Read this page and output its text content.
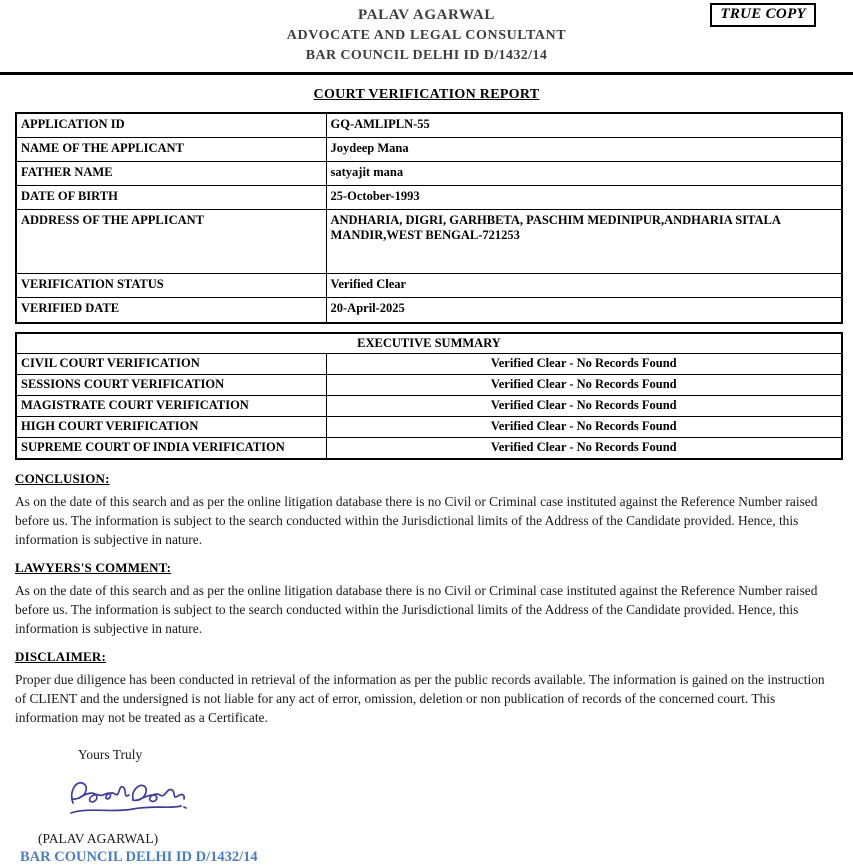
PALAV AGARWAL
ADVOCATE AND LEGAL CONSULTANT
BAR COUNCIL DELHI ID D/1432/14
TRUE COPY
COURT VERIFICATION REPORT
APPLICATION ID	GQ-AMLIPLN-55
NAME OF THE APPLICANT	Joydeep Mana
FATHER NAME	satyajit mana
DATE OF BIRTH	25-October-1993
ADDRESS OF THE APPLICANT	ANDHARIA, DIGRI, GARHBETA, PASCHIM MEDINIPUR,ANDHARIA SITALA MANDIR,WEST BENGAL-721253
VERIFICATION STATUS	Verified Clear
VERIFIED DATE	20-April-2025
EXECUTIVE SUMMARY	
CIVIL COURT VERIFICATION	Verified Clear - No Records Found
SESSIONS COURT VERIFICATION	Verified Clear - No Records Found
MAGISTRATE COURT VERIFICATION	Verified Clear - No Records Found
HIGH COURT VERIFICATION	Verified Clear - No Records Found
SUPREME COURT OF INDIA VERIFICATION	Verified Clear - No Records Found
CONCLUSION:
As on the date of this search and as per the online litigation database there is no Civil or Criminal case instituted against the Reference Number raised before us. The information is subject to the search conducted within the Jurisdictional limits of the Address of the Candidate provided. Hence, this information is subjective in nature.
LAWYERS'S COMMENT:
As on the date of this search and as per the online litigation database there is no Civil or Criminal case instituted against the Reference Number raised before us. The information is subject to the search conducted within the Jurisdictional limits of the Address of the Candidate provided. Hence, this information is subjective in nature.
DISCLAIMER:
Proper due diligence has been conducted in retrieval of the information as per the public records available. The information is gained on the instruction of CLIENT and the undersigned is not liable for any act of error, omission, deletion or non publication of records of the concerned court. This information may not be treated as a Certificate.
Yours Truly
(PALAV AGARWAL)
BAR COUNCIL DELHI ID D/1432/14
